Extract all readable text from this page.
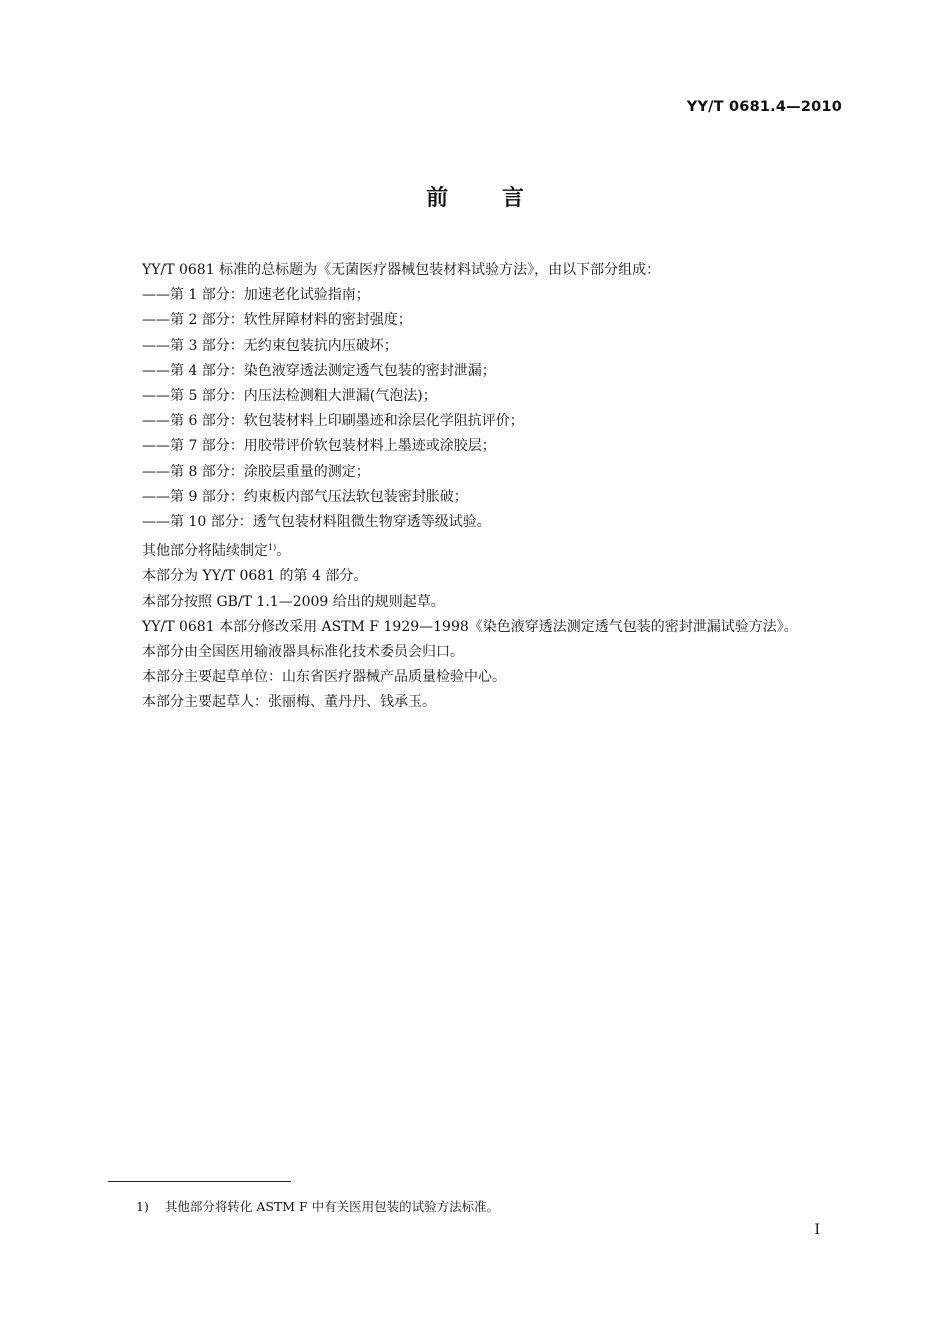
YY/T 0681.4—2010
前 言

YY/T 0681 标准的总标题为《无菌医疗器械包装材料试验方法》，由以下部分组成：

——第 1 部分：加速老化试验指南；

——第 2 部分：软性屏障材料的密封强度；

——第 3 部分：无约束包装抗内压破坏；

——第 4 部分：染色液穿透法测定透气包装的密封泄漏；

——第 5 部分：内压法检测粗大泄漏(气泡法)；

——第 6 部分：软包装材料上印刷墨迹和涂层化学阻抗评价；

——第 7 部分：用胶带评价软包装材料上墨迹或涂胶层；

——第 8 部分：涂胶层重量的测定；

——第 9 部分：约束板内部气压法软包装密封胀破；

——第 10 部分：透气包装材料阻微生物穿透等级试验。

其他部分将陆续制定$^{1)}$。

本部分为 YY/T 0681 的第 4 部分。

本部分按照 GB/T 1.1—2009 给出的规则起草。

YY/T 0681 本部分修改采用 ASTM F 1929—1998《染色液穿透法测定透气包装的密封泄漏试验方法》。

本部分由全国医用输液器具标准化技术委员会归口。

本部分主要起草单位：山东省医疗器械产品质量检验中心。

本部分主要起草人：张丽梅、董丹丹、钱承玉。

1) 其他部分将转化 ASTM F 中有关医用包装的试验方法标准。
I
